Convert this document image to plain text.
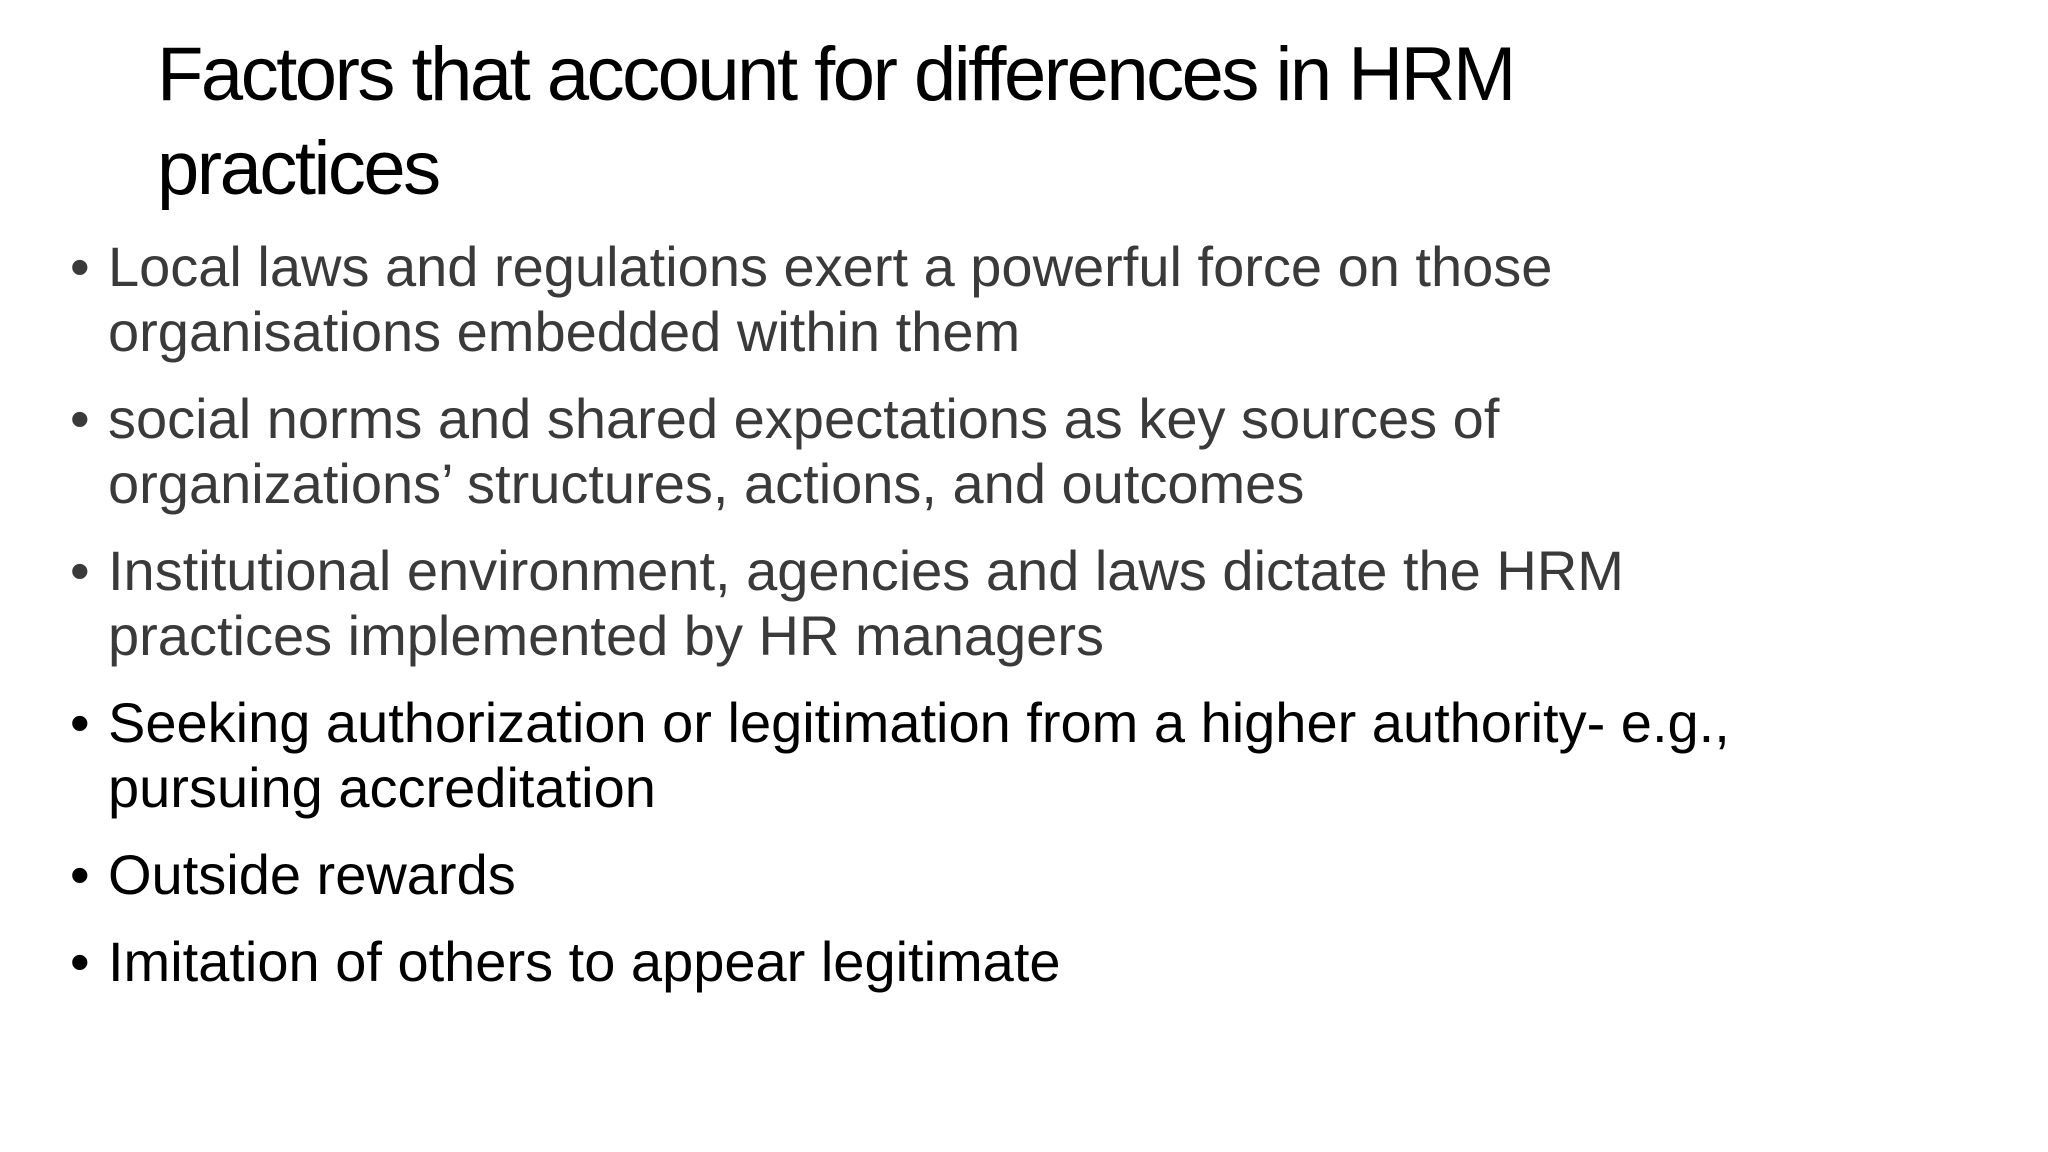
Factors that account for differences in HRM practices
• Local laws and regulations exert a powerful force on those organisations embedded within them
• social norms and shared expectations as key sources of organizations’ structures, actions, and outcomes
• Institutional environment, agencies and laws dictate the HRM practices implemented by HR managers
• Seeking authorization or legitimation from a higher authority- e.g., pursuing accreditation
• Outside rewards
• Imitation of others to appear legitimate
